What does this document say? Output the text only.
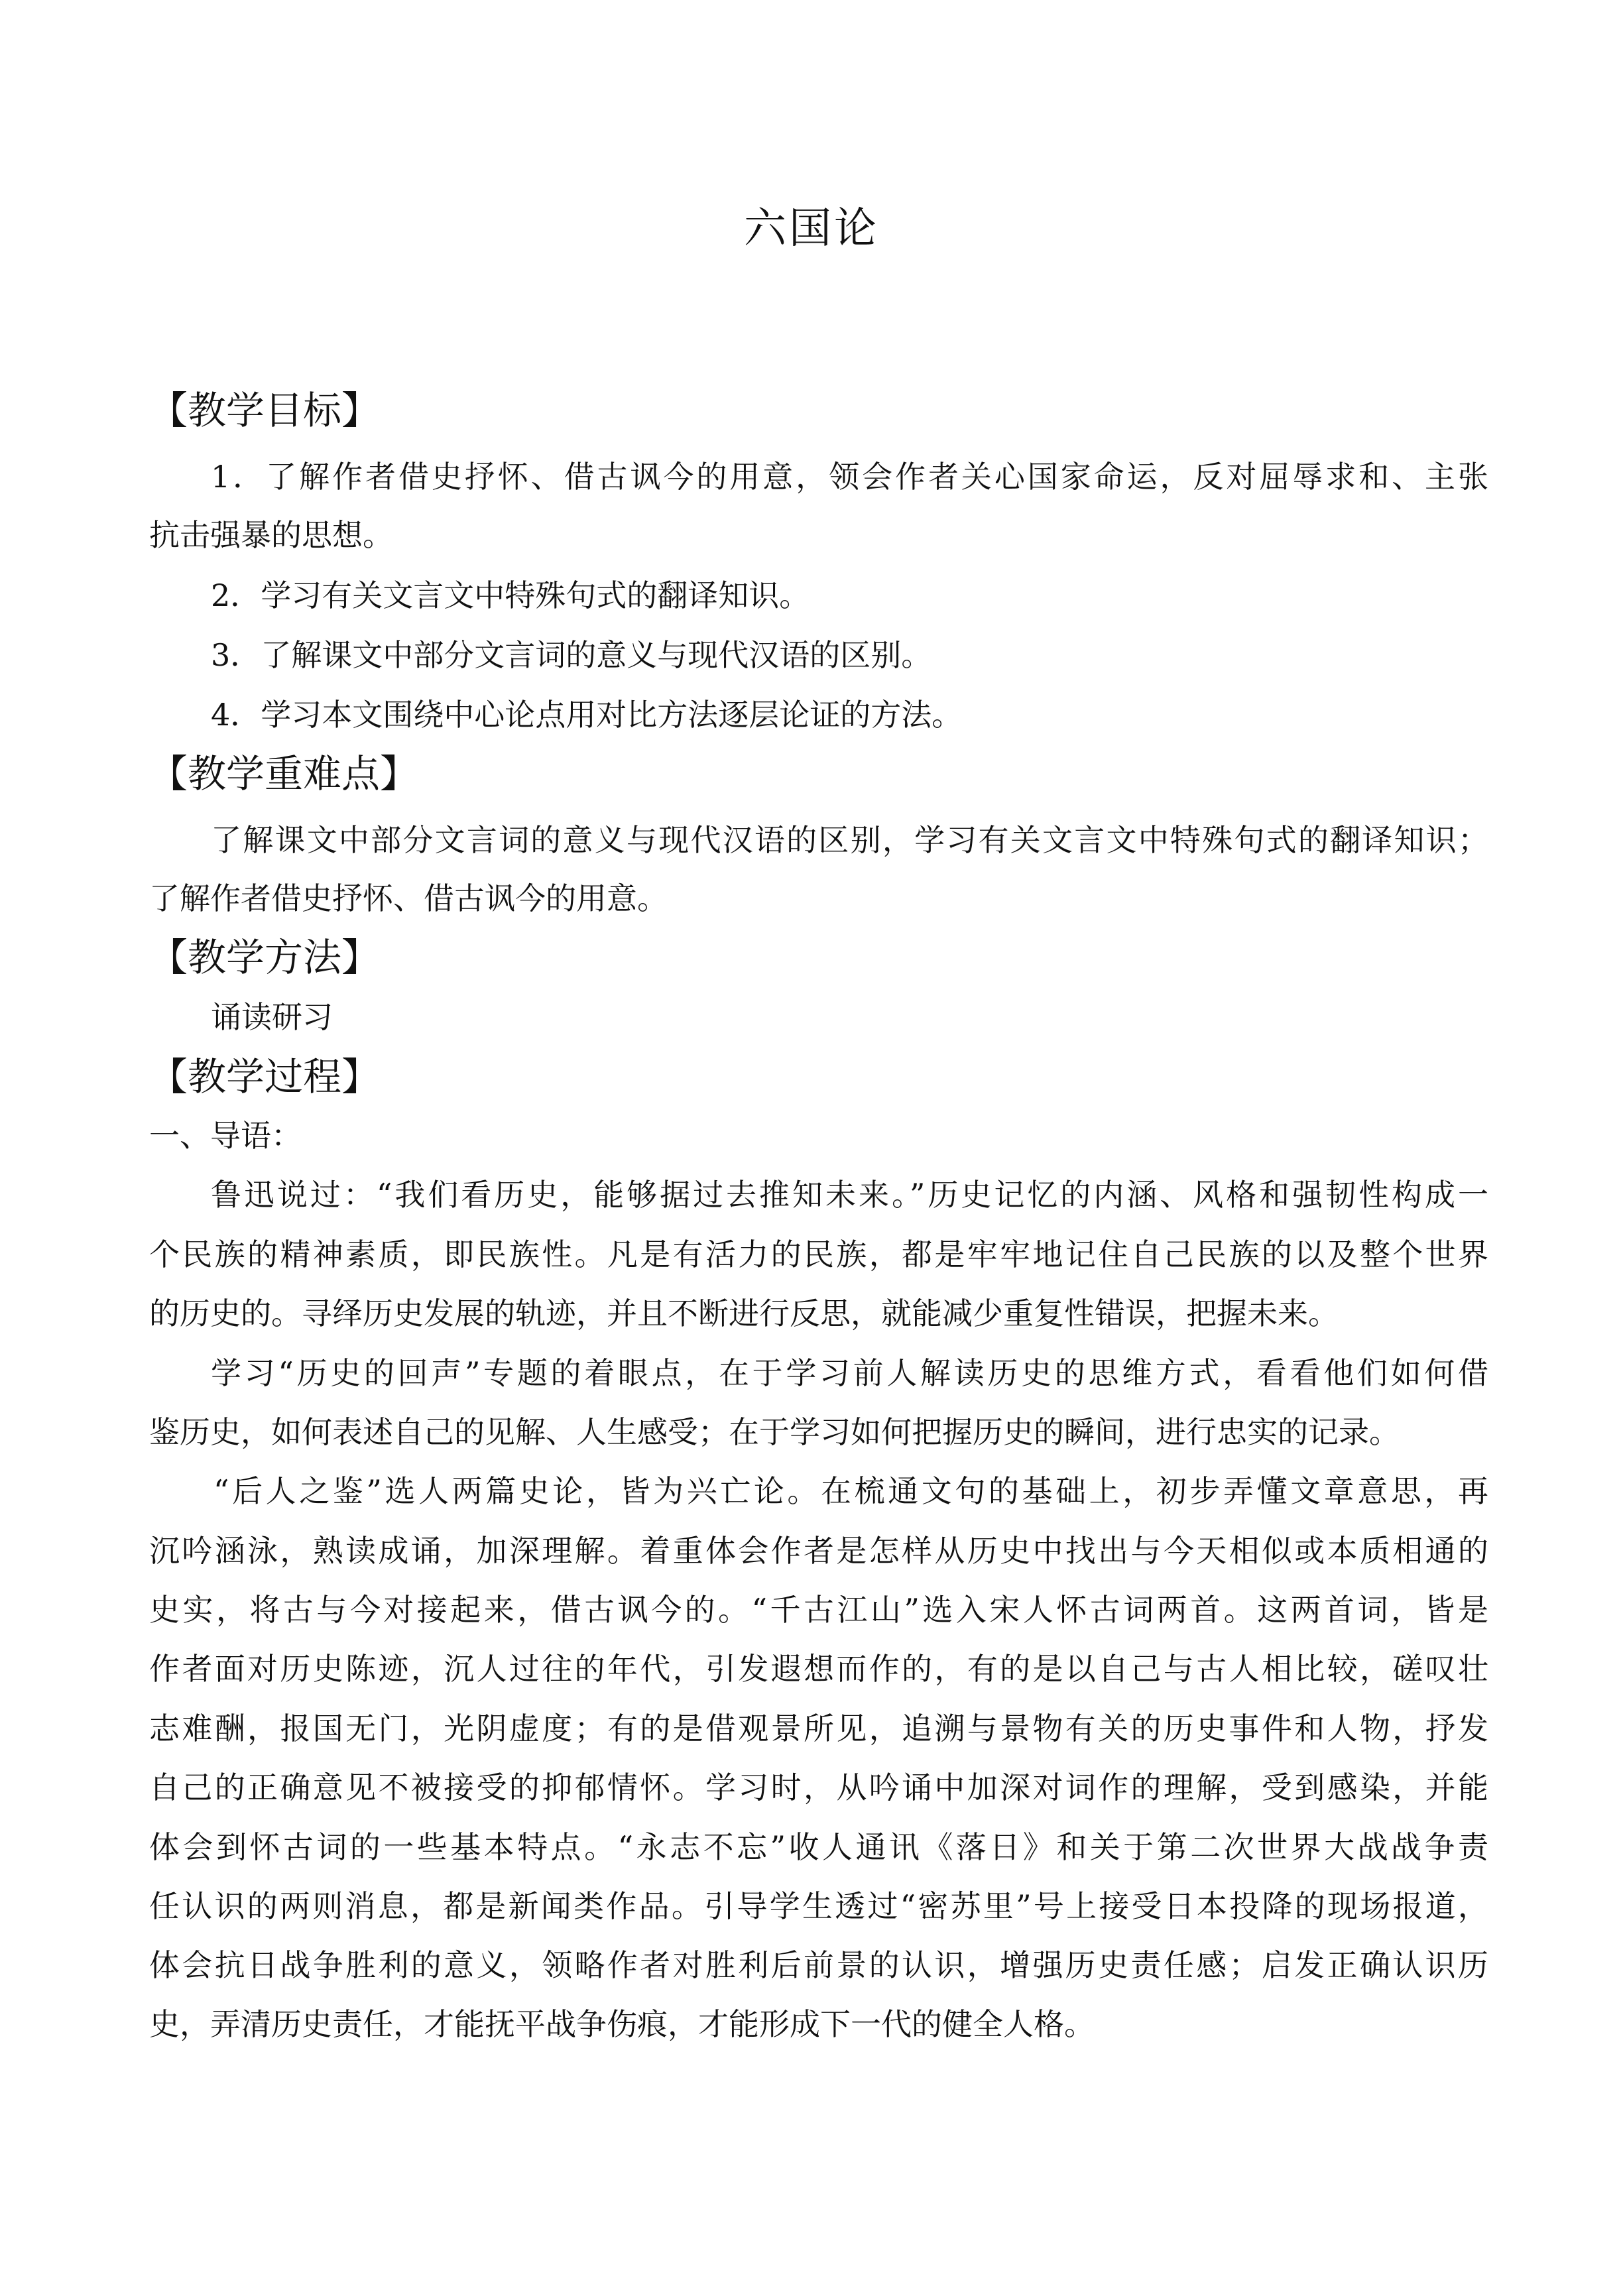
六国论
【教学目标】
1．了解作者借史抒怀、借古讽今的用意，领会作者关心国家命运，反对屈辱求和、主张
抗击强暴的思想。
2．学习有关文言文中特殊句式的翻译知识。
3．了解课文中部分文言词的意义与现代汉语的区别。
4．学习本文围绕中心论点用对比方法逐层论证的方法。
【教学重难点】
了解课文中部分文言词的意义与现代汉语的区别，学习有关文言文中特殊句式的翻译知识；
了解作者借史抒怀、借古讽今的用意。
【教学方法】
诵读研习
【教学过程】
一、导语：
鲁迅说过：“我们看历史，能够据过去推知未来。”历史记忆的内涵、风格和强韧性构成一
个民族的精神素质，即民族性。凡是有活力的民族，都是牢牢地记住自己民族的以及整个世界
的历史的。寻绎历史发展的轨迹，并且不断进行反思，就能减少重复性错误，把握未来。
学习“历史的回声”专题的着眼点，在于学习前人解读历史的思维方式，看看他们如何借
鉴历史，如何表述自己的见解、人生感受；在于学习如何把握历史的瞬间，进行忠实的记录。
“后人之鉴”选人两篇史论，皆为兴亡论。在梳通文句的基础上，初步弄懂文章意思，再
沉吟涵泳，熟读成诵，加深理解。着重体会作者是怎样从历史中找出与今天相似或本质相通的
史实，将古与今对接起来，借古讽今的。“千古江山”选入宋人怀古词两首。这两首词，皆是
作者面对历史陈迹，沉人过往的年代，引发遐想而作的，有的是以自己与古人相比较，磋叹壮
志难酬，报国无门，光阴虚度；有的是借观景所见，追溯与景物有关的历史事件和人物，抒发
自己的正确意见不被接受的抑郁情怀。学习时，从吟诵中加深对词作的理解，受到感染，并能
体会到怀古词的一些基本特点。“永志不忘”收人通讯《落日》和关于第二次世界大战战争责
任认识的两则消息，都是新闻类作品。引导学生透过“密苏里”号上接受日本投降的现场报道，
体会抗日战争胜利的意义，领略作者对胜利后前景的认识，增强历史责任感；启发正确认识历
史，弄清历史责任，才能抚平战争伤痕，才能形成下一代的健全人格。
